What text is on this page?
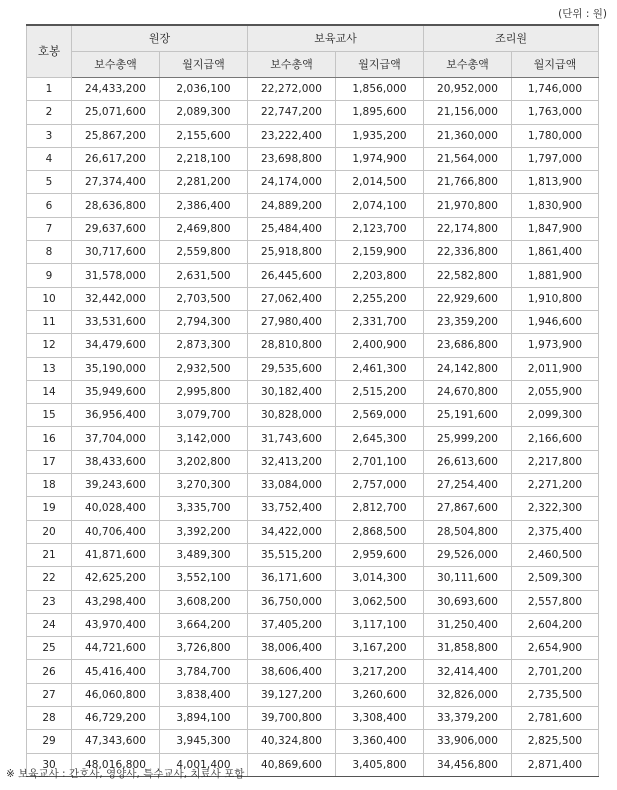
(단위 : 원)
호봉	원장		보육교사		조리원	
	보수총액	월지급액	보수총액	월지급액	보수총액	월지급액
1	24,433,200	2,036,100	22,272,000	1,856,000	20,952,000	1,746,000
2	25,071,600	2,089,300	22,747,200	1,895,600	21,156,000	1,763,000
3	25,867,200	2,155,600	23,222,400	1,935,200	21,360,000	1,780,000
4	26,617,200	2,218,100	23,698,800	1,974,900	21,564,000	1,797,000
5	27,374,400	2,281,200	24,174,000	2,014,500	21,766,800	1,813,900
6	28,636,800	2,386,400	24,889,200	2,074,100	21,970,800	1,830,900
7	29,637,600	2,469,800	25,484,400	2,123,700	22,174,800	1,847,900
8	30,717,600	2,559,800	25,918,800	2,159,900	22,336,800	1,861,400
9	31,578,000	2,631,500	26,445,600	2,203,800	22,582,800	1,881,900
10	32,442,000	2,703,500	27,062,400	2,255,200	22,929,600	1,910,800
11	33,531,600	2,794,300	27,980,400	2,331,700	23,359,200	1,946,600
12	34,479,600	2,873,300	28,810,800	2,400,900	23,686,800	1,973,900
13	35,190,000	2,932,500	29,535,600	2,461,300	24,142,800	2,011,900
14	35,949,600	2,995,800	30,182,400	2,515,200	24,670,800	2,055,900
15	36,956,400	3,079,700	30,828,000	2,569,000	25,191,600	2,099,300
16	37,704,000	3,142,000	31,743,600	2,645,300	25,999,200	2,166,600
17	38,433,600	3,202,800	32,413,200	2,701,100	26,613,600	2,217,800
18	39,243,600	3,270,300	33,084,000	2,757,000	27,254,400	2,271,200
19	40,028,400	3,335,700	33,752,400	2,812,700	27,867,600	2,322,300
20	40,706,400	3,392,200	34,422,000	2,868,500	28,504,800	2,375,400
21	41,871,600	3,489,300	35,515,200	2,959,600	29,526,000	2,460,500
22	42,625,200	3,552,100	36,171,600	3,014,300	30,111,600	2,509,300
23	43,298,400	3,608,200	36,750,000	3,062,500	30,693,600	2,557,800
24	43,970,400	3,664,200	37,405,200	3,117,100	31,250,400	2,604,200
25	44,721,600	3,726,800	38,006,400	3,167,200	31,858,800	2,654,900
26	45,416,400	3,784,700	38,606,400	3,217,200	32,414,400	2,701,200
27	46,060,800	3,838,400	39,127,200	3,260,600	32,826,000	2,735,500
28	46,729,200	3,894,100	39,700,800	3,308,400	33,379,200	2,781,600
29	47,343,600	3,945,300	40,324,800	3,360,400	33,906,000	2,825,500
30	48,016,800	4,001,400	40,869,600	3,405,800	34,456,800	2,871,400
※ 보육교사 : 간호사, 영양사, 특수교사, 치료사 포함
